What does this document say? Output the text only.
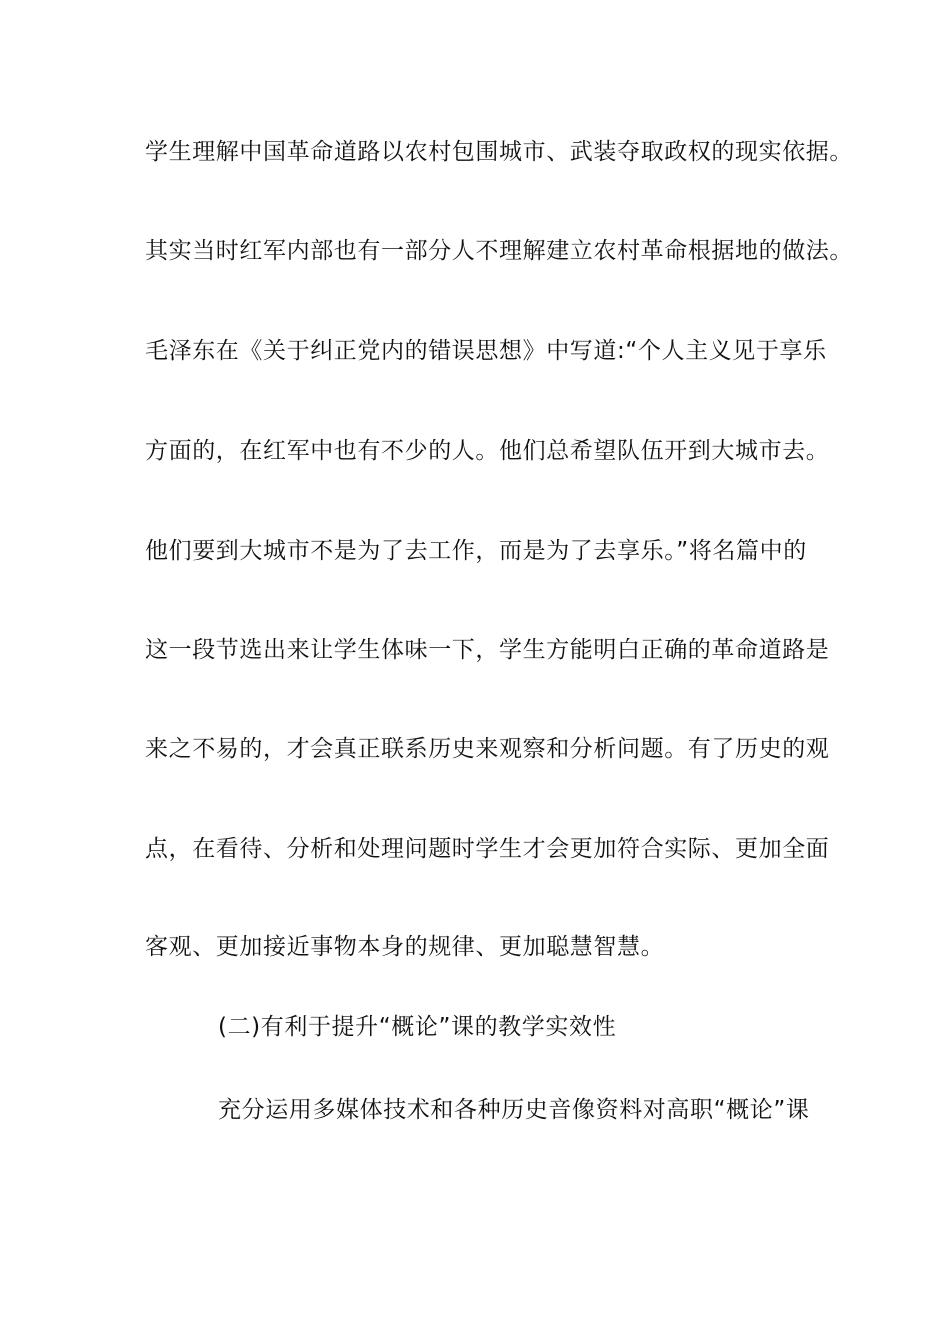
学生理解中国革命道路以农村包围城市、武装夺取政权的现实依据。
其实当时红军内部也有一部分人不理解建立农村革命根据地的做法。
毛泽东在《关于纠正党内的错误思想》中写道:“个人主义见于享乐
方面的，在红军中也有不少的人。他们总希望队伍开到大城市去。
他们要到大城市不是为了去工作，而是为了去享乐。”将名篇中的
这一段节选出来让学生体味一下，学生方能明白正确的革命道路是
来之不易的，才会真正联系历史来观察和分析问题。有了历史的观
点，在看待、分析和处理问题时学生才会更加符合实际、更加全面
客观、更加接近事物本身的规律、更加聪慧智慧。
(二)有利于提升“概论”课的教学实效性
充分运用多媒体技术和各种历史音像资料对高职“概论”课
